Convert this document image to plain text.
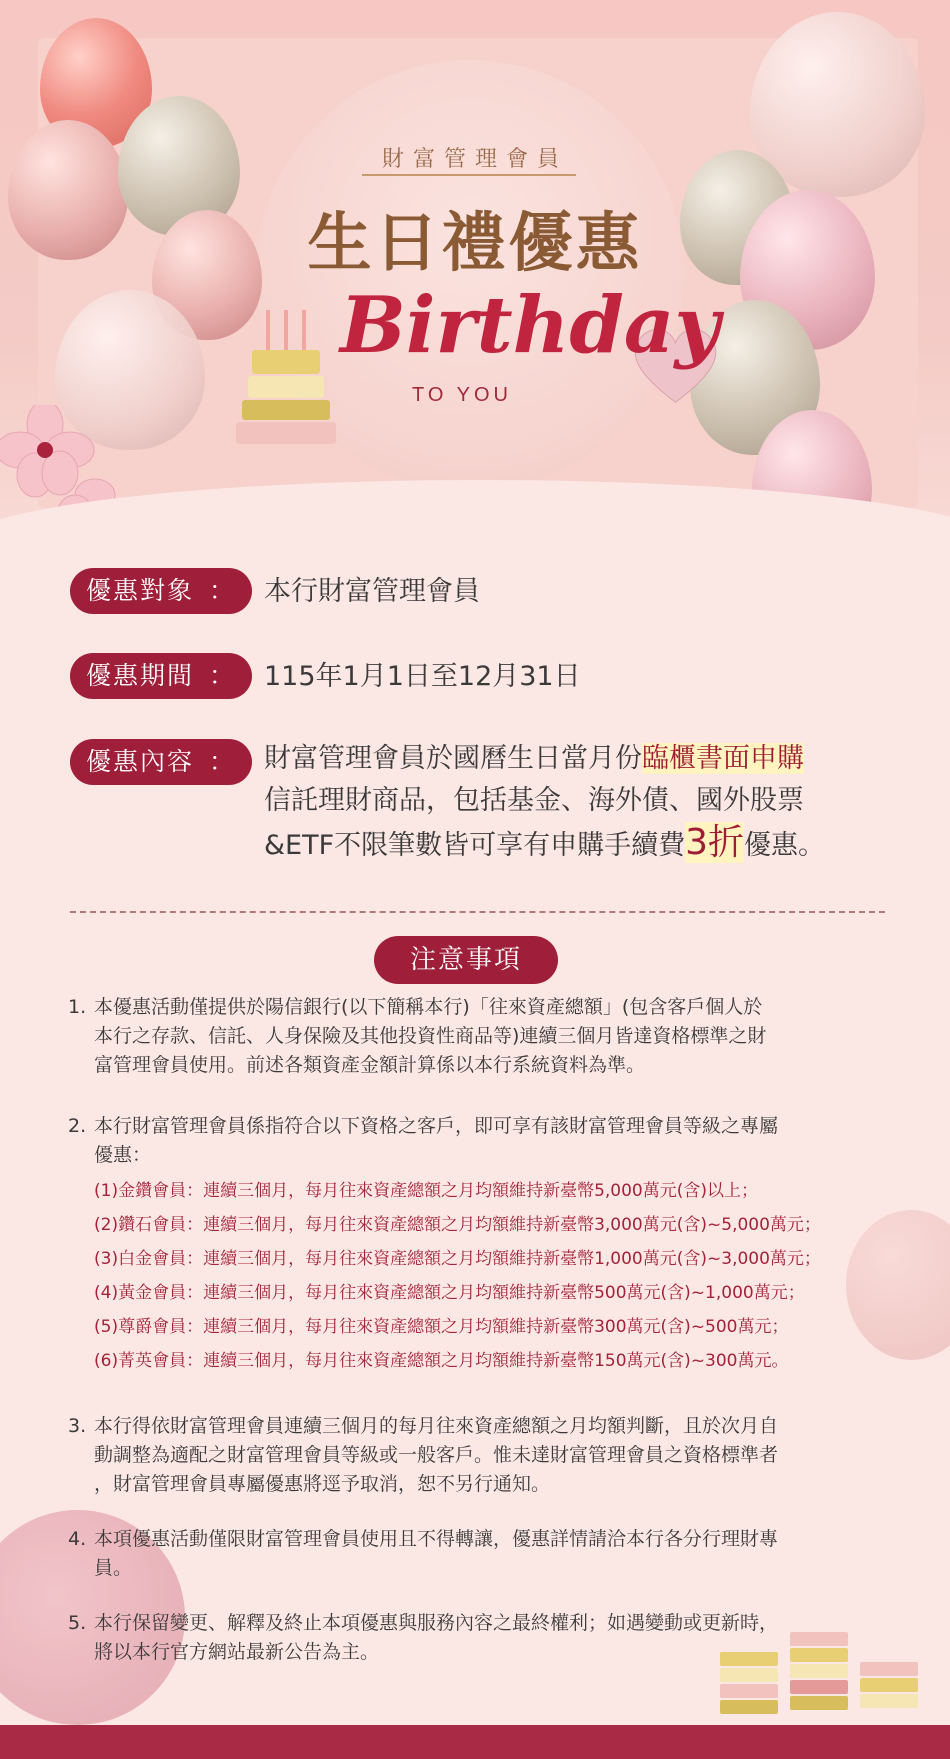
財富管理會員
生日禮優惠
Birthday
TO YOU
優惠對象 ： 本行財富管理會員
優惠期間 ： 115年1月1日至12月31日
優惠內容 ： 財富管理會員於國曆生日當月份臨櫃書面申購
信託理財商品，包括基金、海外債、國外股票
&ETF不限筆數皆可享有申購手續費3折優惠。
注意事項
1. 本優惠活動僅提供於陽信銀行(以下簡稱本行)「往來資產總額」(包含客戶個人於
本行之存款、信託、人身保險及其他投資性商品等)連續三個月皆達資格標準之財
富管理會員使用。前述各類資產金額計算係以本行系統資料為準。
2. 本行財富管理會員係指符合以下資格之客戶，即可享有該財富管理會員等級之專屬
優惠：
(1)金鑽會員：連續三個月，每月往來資產總額之月均額維持新臺幣5,000萬元(含)以上；
(2)鑽石會員：連續三個月，每月往來資產總額之月均額維持新臺幣3,000萬元(含)~5,000萬元；
(3)白金會員：連續三個月，每月往來資產總額之月均額維持新臺幣1,000萬元(含)~3,000萬元；
(4)黃金會員：連續三個月，每月往來資產總額之月均額維持新臺幣500萬元(含)~1,000萬元；
(5)尊爵會員：連續三個月，每月往來資產總額之月均額維持新臺幣300萬元(含)~500萬元；
(6)菁英會員：連續三個月，每月往來資產總額之月均額維持新臺幣150萬元(含)~300萬元。
3. 本行得依財富管理會員連續三個月的每月往來資產總額之月均額判斷，且於次月自
動調整為適配之財富管理會員等級或一般客戶。惟未達財富管理會員之資格標準者
，財富管理會員專屬優惠將逕予取消，恕不另行通知。
4. 本項優惠活動僅限財富管理會員使用且不得轉讓，優惠詳情請洽本行各分行理財專
員。
5. 本行保留變更、解釋及終止本項優惠與服務內容之最終權利；如遇變動或更新時，
將以本行官方網站最新公告為主。
